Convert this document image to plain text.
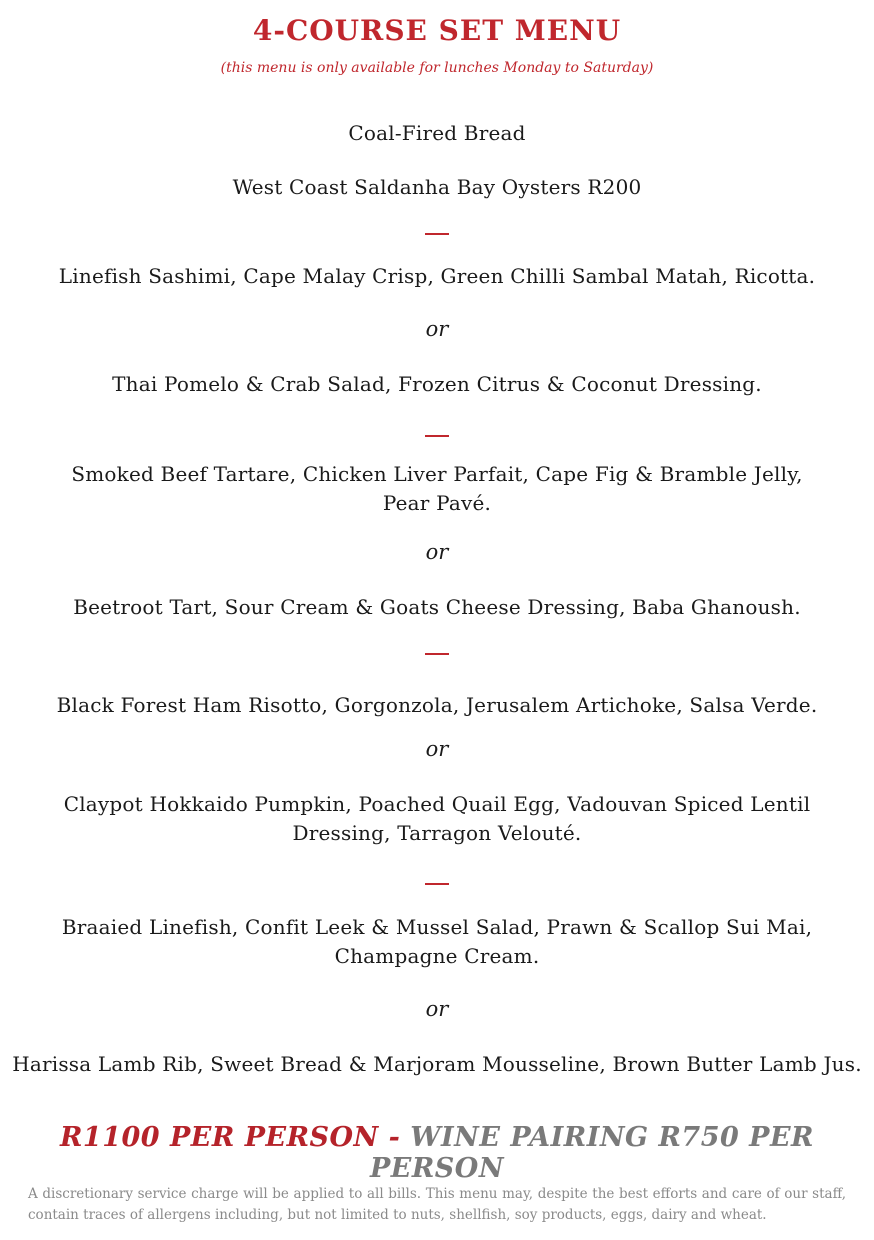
4-COURSE SET MENU
(this menu is only available for lunches Monday to Saturday)
Coal-Fired Bread
West Coast Saldanha Bay Oysters R200
Linefish Sashimi, Cape Malay Crisp, Green Chilli Sambal Matah, Ricotta.
or
Thai Pomelo & Crab Salad, Frozen Citrus & Coconut Dressing.
Smoked Beef Tartare, Chicken Liver Parfait, Cape Fig & Bramble Jelly,
Pear Pavé.
or
Beetroot Tart, Sour Cream & Goats Cheese Dressing, Baba Ghanoush.
Black Forest Ham Risotto, Gorgonzola, Jerusalem Artichoke, Salsa Verde.
or
Claypot Hokkaido Pumpkin, Poached Quail Egg, Vadouvan Spiced Lentil
Dressing, Tarragon Velouté.
Braaied Linefish, Confit Leek & Mussel Salad, Prawn & Scallop Sui Mai,
Champagne Cream.
or
Harissa Lamb Rib, Sweet Bread & Marjoram Mousseline, Brown Butter Lamb Jus.
R1100 PER PERSON - WINE PAIRING R750 PER PERSON
A discretionary service charge will be applied to all bills. This menu may, despite the best efforts and care of our staff, contain traces of allergens including, but not limited to nuts, shellfish, soy products, eggs, dairy and wheat.
